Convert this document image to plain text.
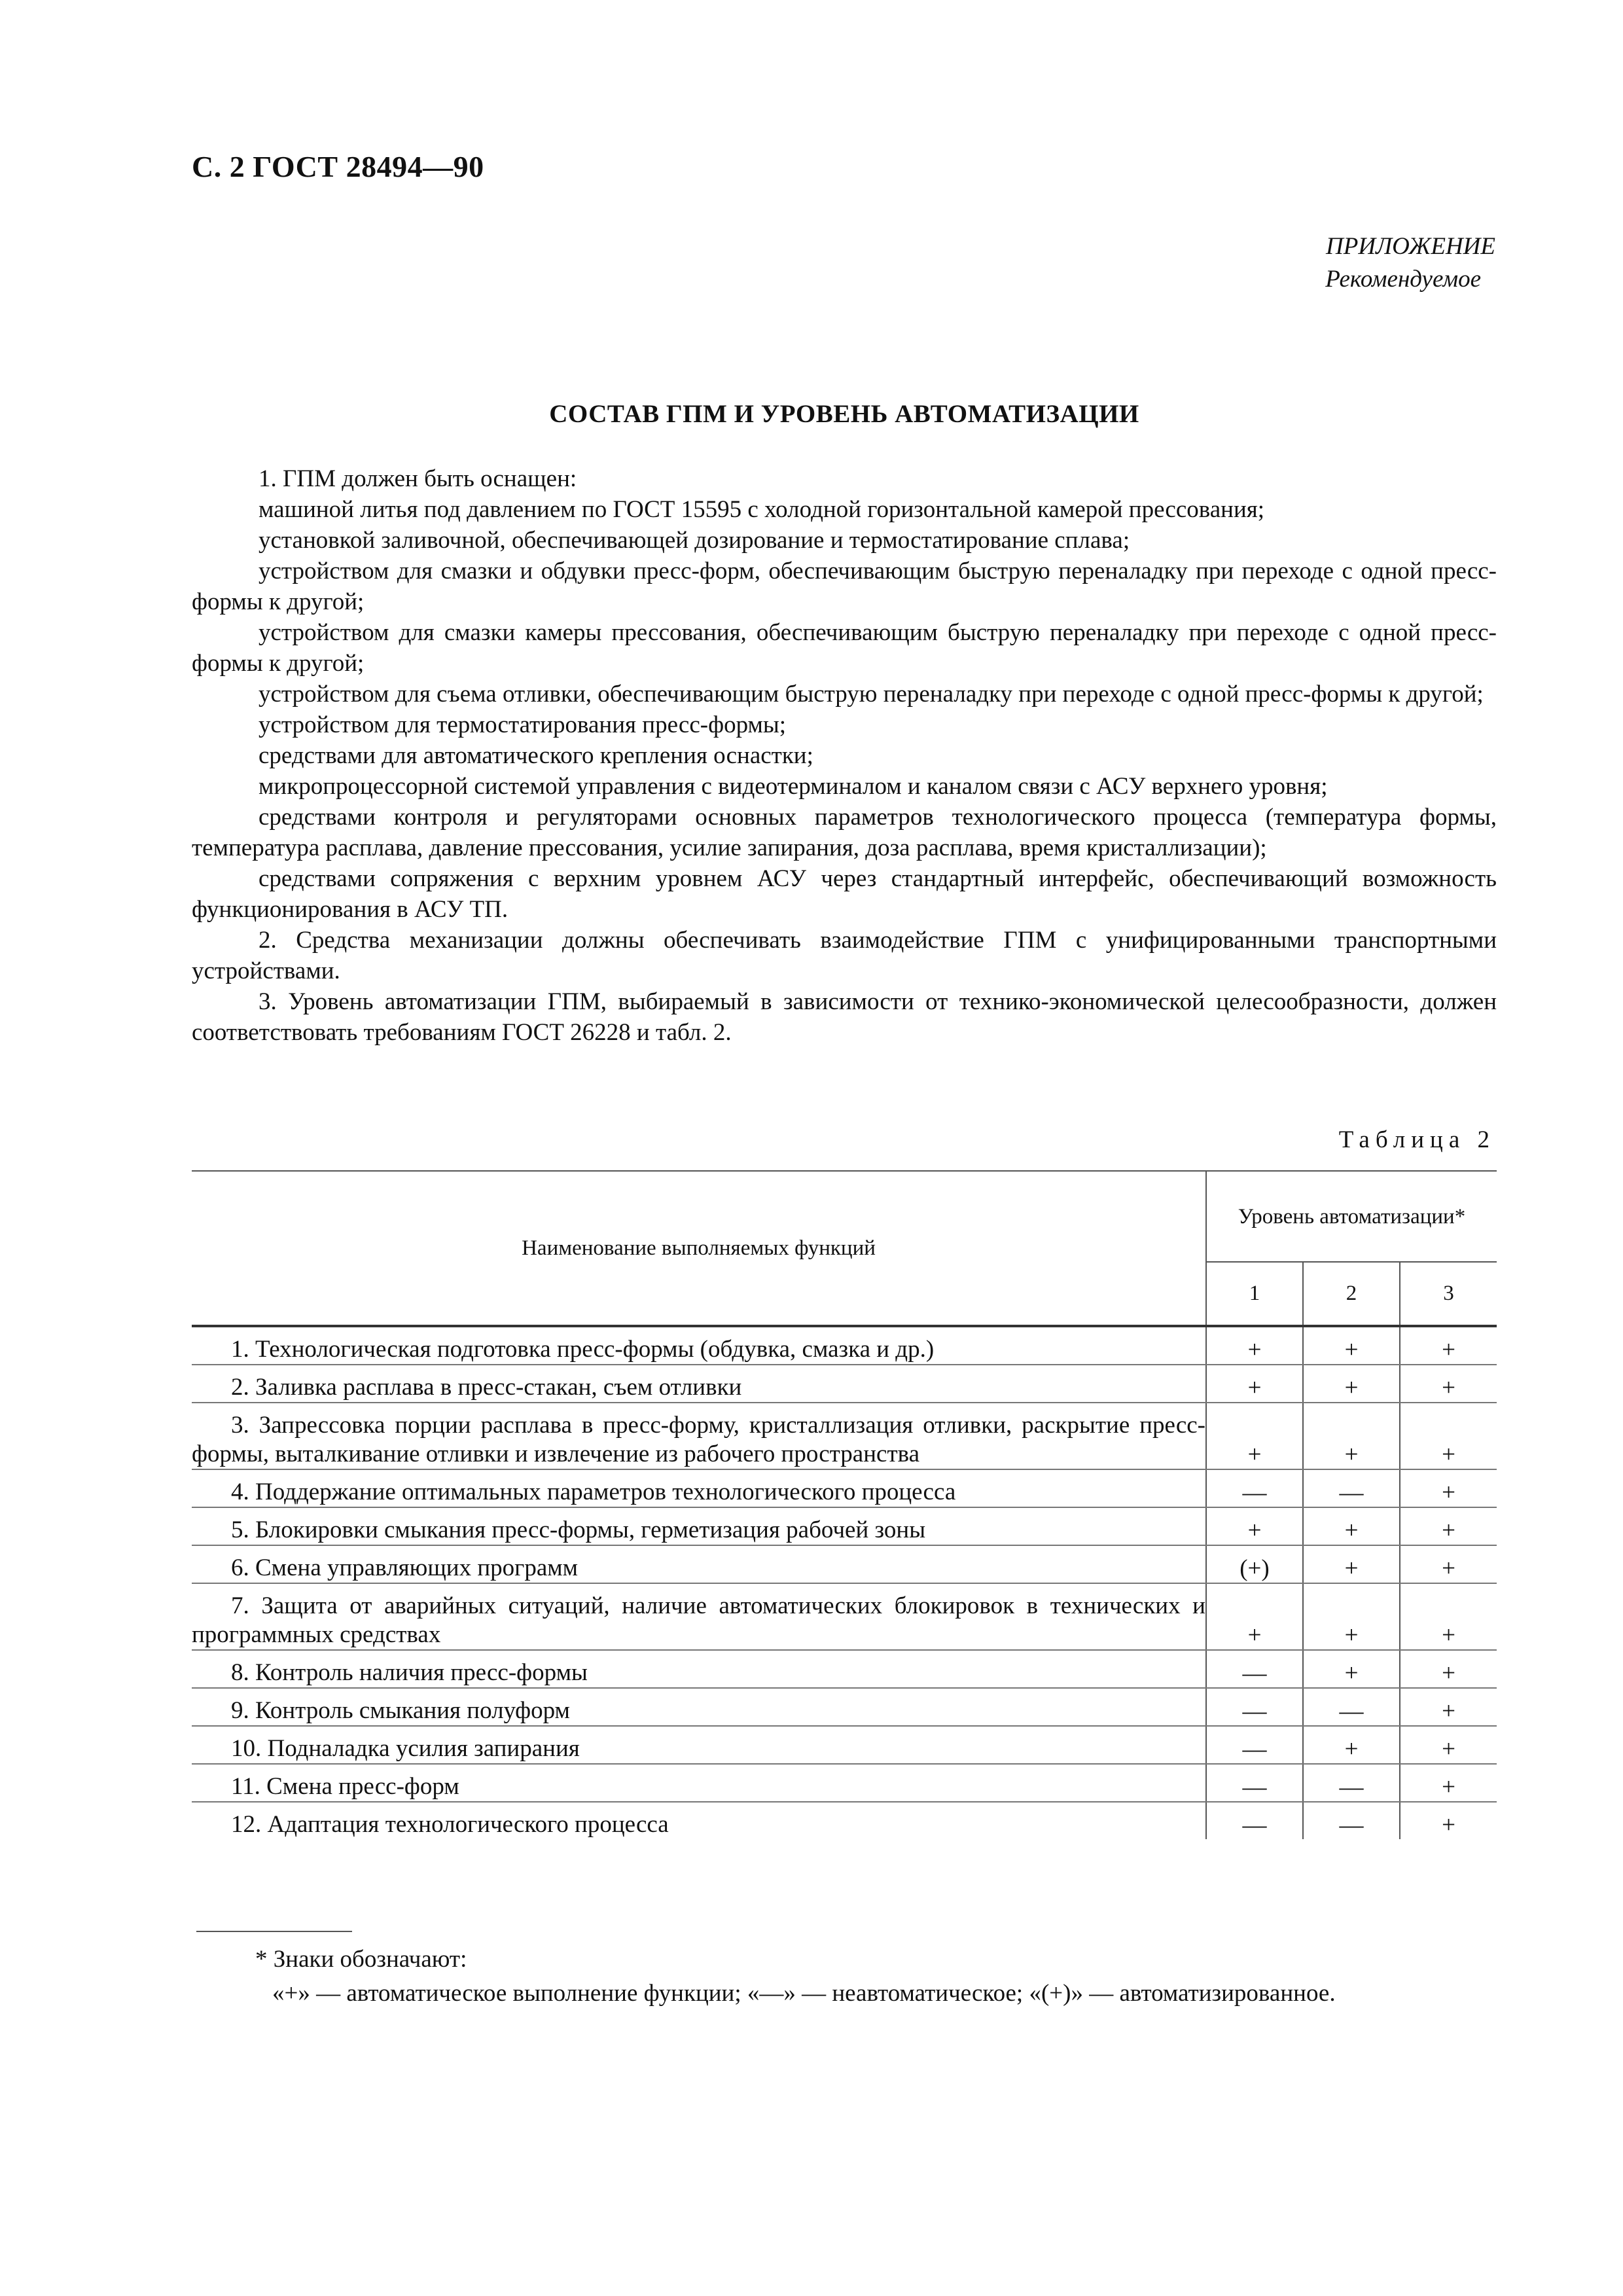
С. 2 ГОСТ 28494—90
ПРИЛОЖЕНИЕ
Рекомендуемое
СОСТАВ ГПМ И УРОВЕНЬ АВТОМАТИЗАЦИИ

1. ГПМ должен быть оснащен:

машиной литья под давлением по ГОСТ 15595 с холодной горизонтальной камерой прессования;

установкой заливочной, обеспечивающей дозирование и термостатирование сплава;

устройством для смазки и обдувки пресс-форм, обеспечивающим быструю переналадку при переходе с одной пресс-формы к другой;

устройством для смазки камеры прессования, обеспечивающим быструю переналадку при переходе с одной пресс-формы к другой;

устройством для съема отливки, обеспечивающим быструю переналадку при переходе с одной пресс-формы к другой;

устройством для термостатирования пресс-формы;

средствами для автоматического крепления оснастки;

микропроцессорной системой управления с видеотерминалом и каналом связи с АСУ верхнего уровня;

средствами контроля и регуляторами основных параметров технологического процесса (температура формы, температура расплава, давление прессования, усилие запирания, доза расплава, время кристаллизации);

средствами сопряжения с верхним уровнем АСУ через стандартный интерфейс, обеспечивающий возможность функционирования в АСУ ТП.

2. Средства механизации должны обеспечивать взаимодействие ГПМ с унифицированными транспортными устройствами.

3. Уровень автоматизации ГПМ, выбираемый в зависимости от технико-экономической целесообразности, должен соответствовать требованиям ГОСТ 26228 и табл. 2.

Таблица 2
Наименование выполняемых функций	Уровень автоматизации*		
	1	2	3
1. Технологическая подготовка пресс-формы (обдувка, смазка и др.)	+	+	+
2. Заливка расплава в пресс-стакан, съем отливки	+	+	+
3. Запрессовка порции расплава в пресс-форму, кристаллизация отливки, раскрытие пресс-формы, выталкивание отливки и извлечение из рабочего пространства	+	+	+
4. Поддержание оптимальных параметров технологического процесса	—	—	+
5. Блокировки смыкания пресс-формы, герметизация рабочей зоны	+	+	+
6. Смена управляющих программ	(+)	+	+
7. Защита от аварийных ситуаций, наличие автоматических блокировок в технических и программных средствах	+	+	+
8. Контроль наличия пресс-формы	—	+	+
9. Контроль смыкания полуформ	—	—	+
10. Подналадка усилия запирания	—	+	+
11. Смена пресс-форм	—	—	+
12. Адаптация технологического процесса	—	—	+
* Знаки обозначают:
«+» — автоматическое выполнение функции; «—» — неавтоматическое; «(+)» — автоматизированное.
